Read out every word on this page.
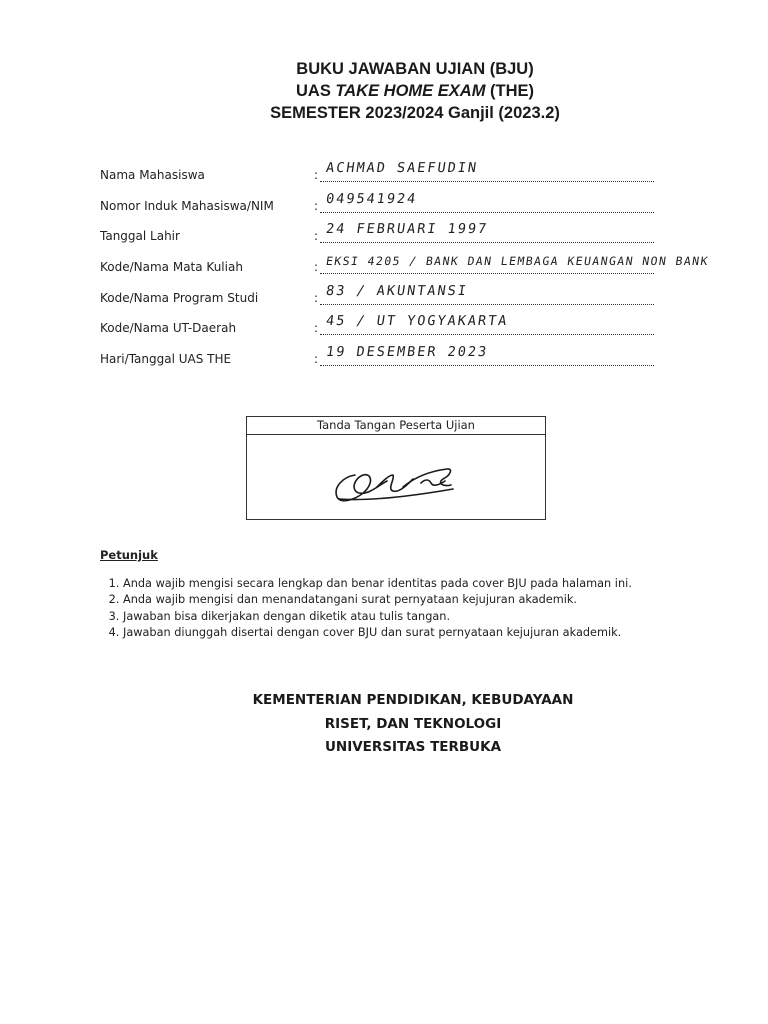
BUKU JAWABAN UJIAN (BJU)
UAS TAKE HOME EXAM (THE)
SEMESTER 2023/2024 Ganjil (2023.2)
Nama Mahasiswa	: ACHMAD SAEFUDIN
Nomor Induk Mahasiswa/NIM	: 049541924
Tanggal Lahir	: 24 FEBRUARI 1997
Kode/Nama Mata Kuliah	: EKSI 4205 / BANK DAN LEMBAGA KEUANGAN NON BANK
Kode/Nama Program Studi	: 83 / AKUNTANSI
Kode/Nama UT-Daerah	: 45 / UT YOGYAKARTA
Hari/Tanggal UAS THE	: 19 DESEMBER 2023
Tanda Tangan Peserta Ujian
Petunjuk
1. Anda wajib mengisi secara lengkap dan benar identitas pada cover BJU pada halaman ini.
2. Anda wajib mengisi dan menandatangani surat pernyataan kejujuran akademik.
3. Jawaban bisa dikerjakan dengan diketik atau tulis tangan.
4. Jawaban diunggah disertai dengan cover BJU dan surat pernyataan kejujuran akademik.
KEMENTERIAN PENDIDIKAN, KEBUDAYAAN
RISET, DAN TEKNOLOGI
UNIVERSITAS TERBUKA
